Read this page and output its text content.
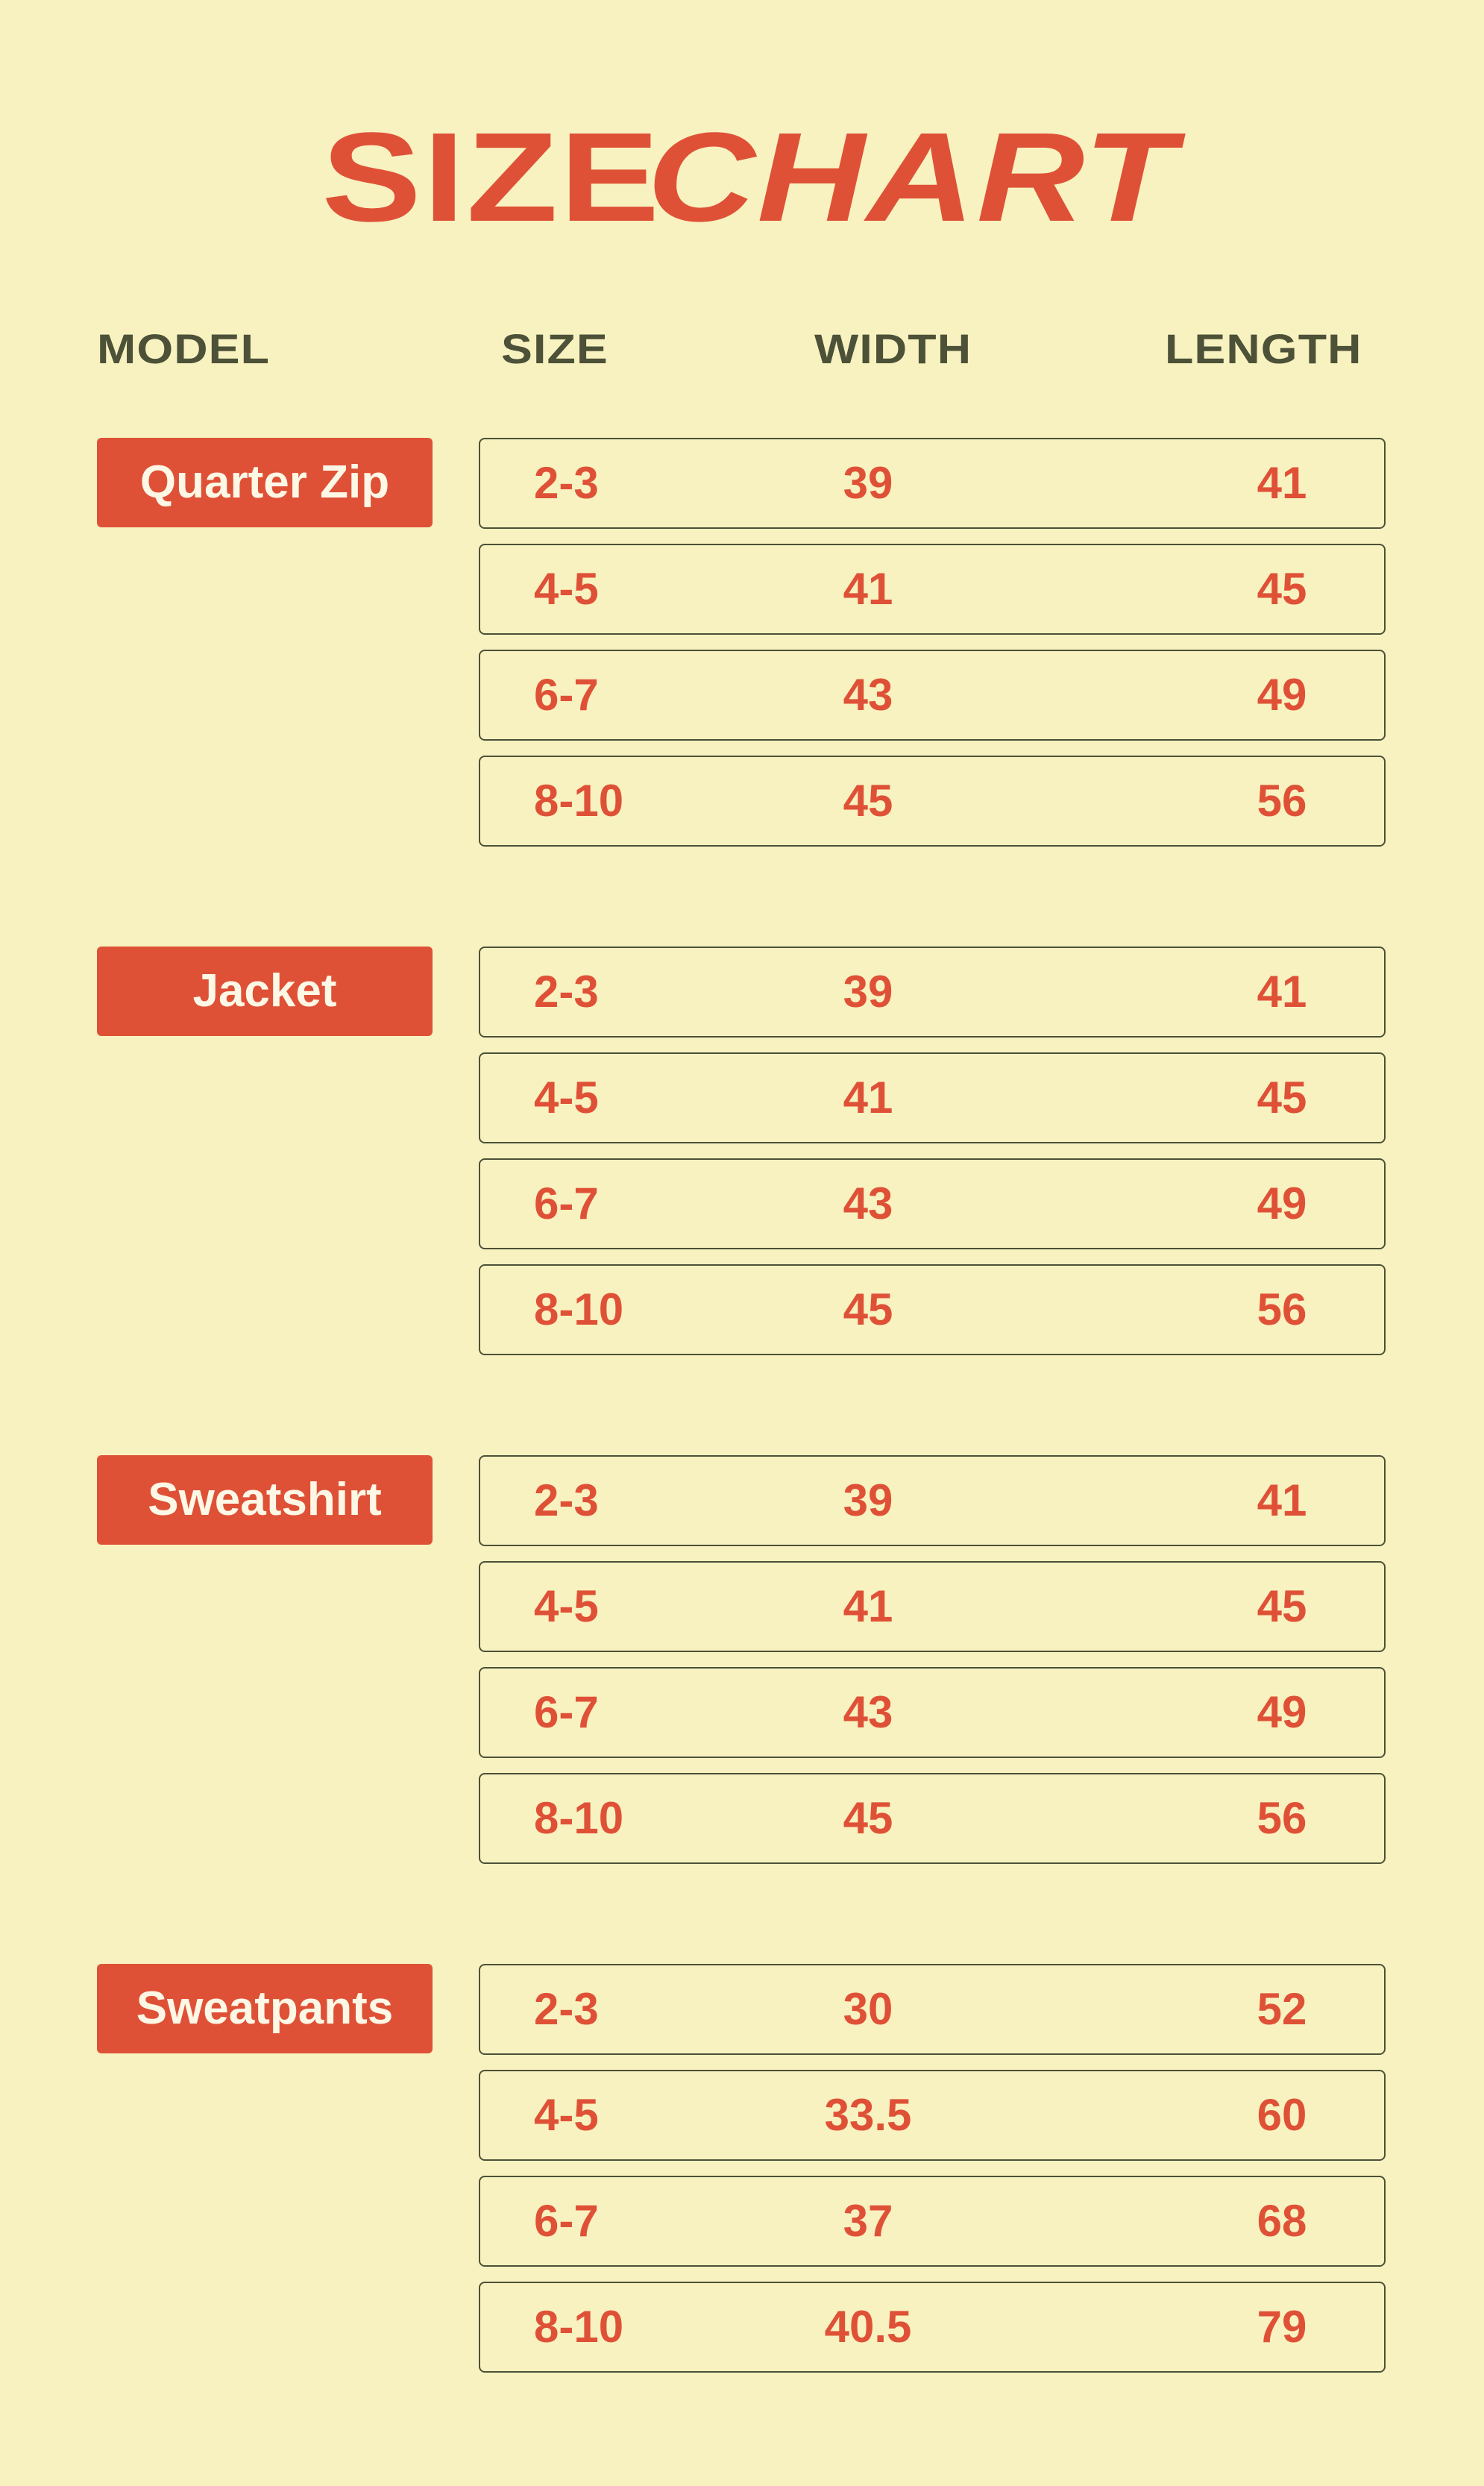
SIZECHART
MODEL	SIZE	WIDTH	LENGTH
Quarter Zip	2-3	39	41
4-5	41	45
6-7	43	49
8-10	45	56
Jacket	2-3	39	41
4-5	41	45
6-7	43	49
8-10	45	56
Sweatshirt	2-3	39	41
4-5	41	45
6-7	43	49
8-10	45	56
Sweatpants	2-3	30	52
4-5	33.5	60
6-7	37	68
8-10	40.5	79
